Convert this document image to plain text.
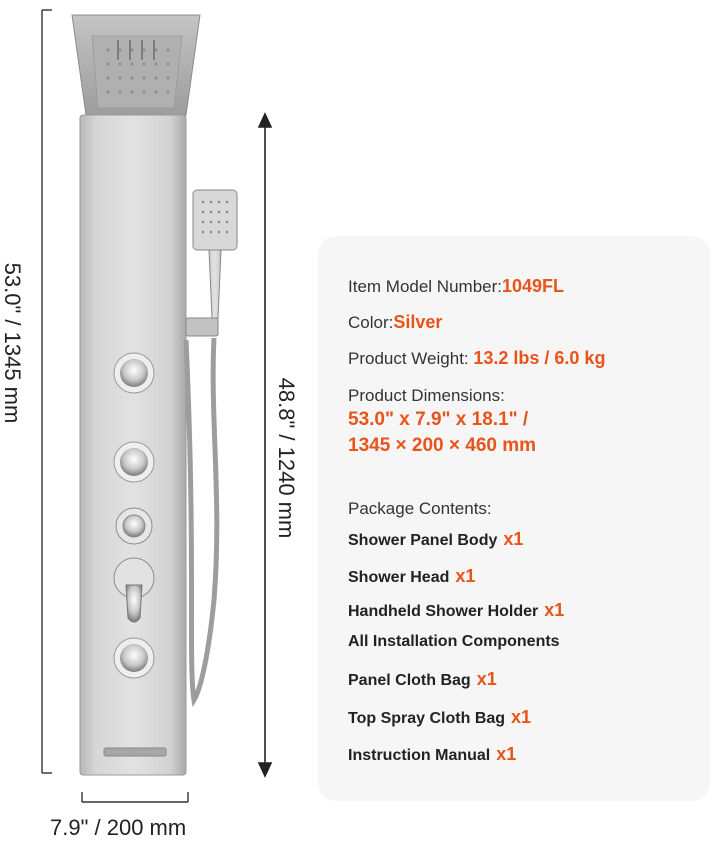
53.0" / 1345 mm
48.8" / 1240 mm
7.9" / 200 mm
Item Model Number:1049FL
Color:Silver
Product Weight: 13.2 lbs / 6.0 kg
Product Dimensions:
53.0" x 7.9" x 18.1" /
1345 × 200 × 460 mm
Package Contents:
Shower Panel Body x1
Shower Head x1
Handheld Shower Holder x1
All Installation Components
Panel Cloth Bag x1
Top Spray Cloth Bag x1
Instruction Manual x1
